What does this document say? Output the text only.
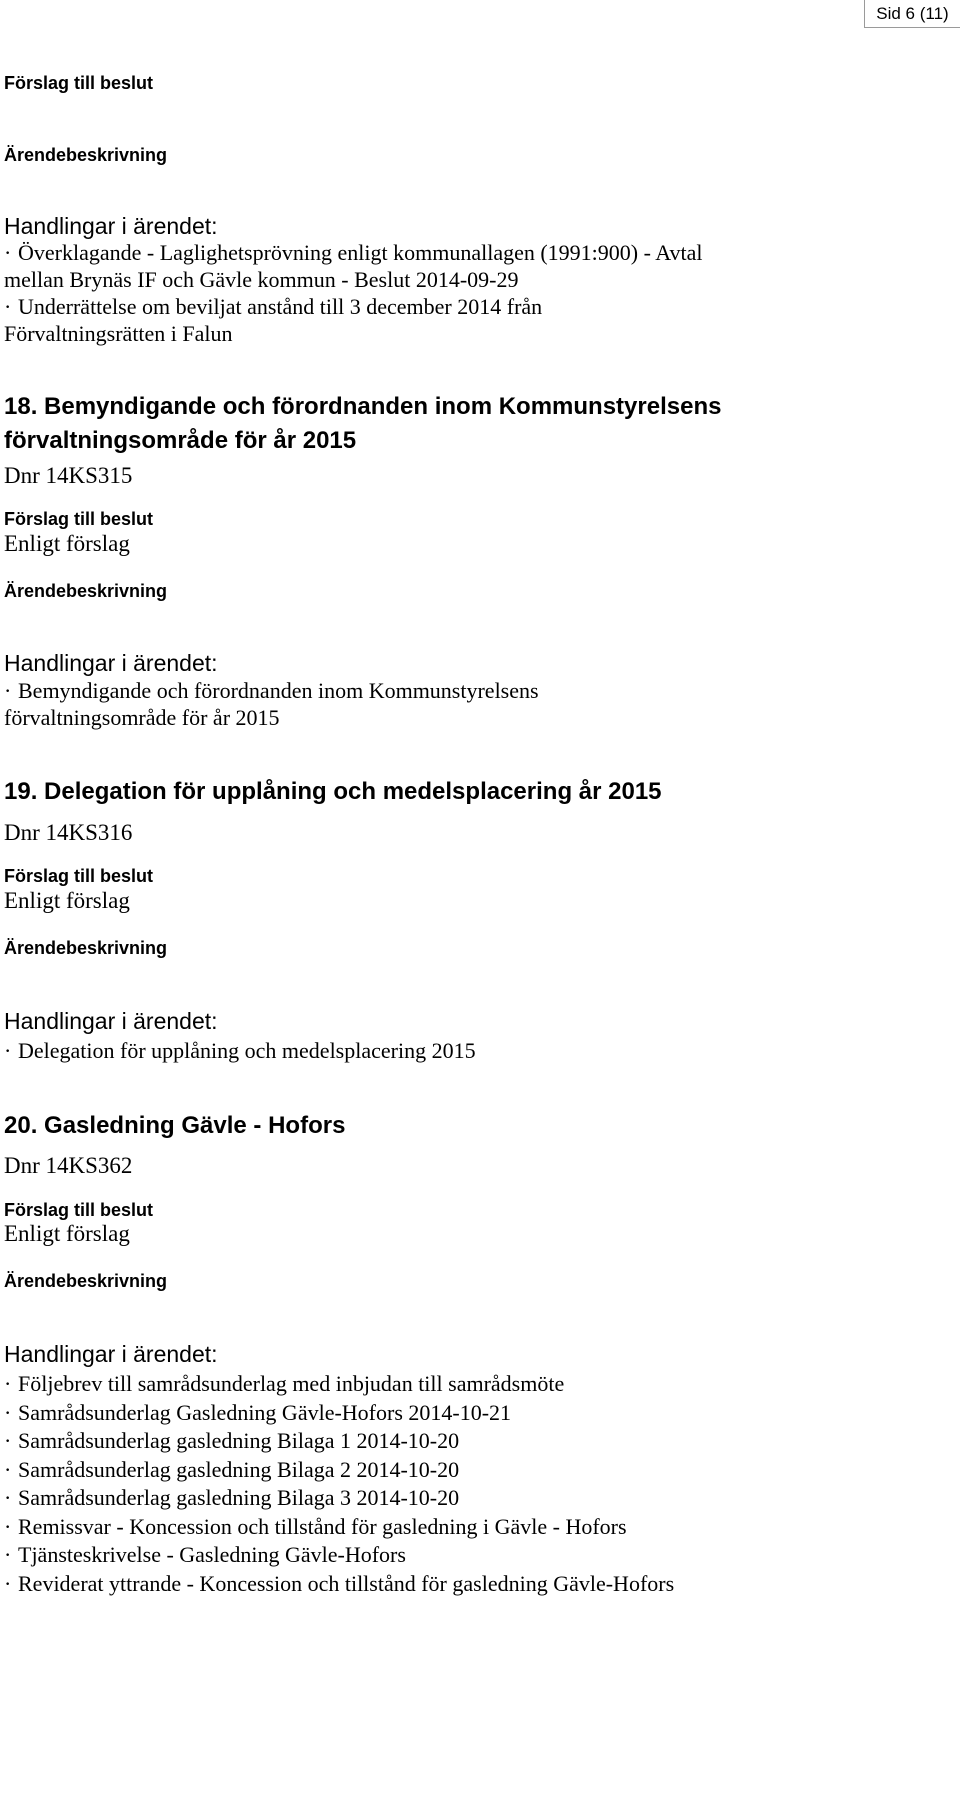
Sid 6 (11)
Förslag till beslut
Ärendebeskrivning
Handlingar i ärendet:
· Överklagande - Laglighetsprövning enligt kommunallagen (1991:900) - Avtal
mellan Brynäs IF och Gävle kommun - Beslut 2014-09-29
· Underrättelse om beviljat anstånd till 3 december 2014 från
Förvaltningsrätten i Falun
18. Bemyndigande och förordnanden inom Kommunstyrelsens
förvaltningsområde för år 2015
Dnr 14KS315
Förslag till beslut
Enligt förslag
Ärendebeskrivning
Handlingar i ärendet:
· Bemyndigande och förordnanden inom Kommunstyrelsens
förvaltningsområde för år 2015
19. Delegation för upplåning och medelsplacering år 2015
Dnr 14KS316
Förslag till beslut
Enligt förslag
Ärendebeskrivning
Handlingar i ärendet:
· Delegation för upplåning och medelsplacering 2015
20. Gasledning Gävle - Hofors
Dnr 14KS362
Förslag till beslut
Enligt förslag
Ärendebeskrivning
Handlingar i ärendet:
· Följebrev till samrådsunderlag med inbjudan till samrådsmöte
· Samrådsunderlag Gasledning Gävle-Hofors 2014-10-21
· Samrådsunderlag gasledning Bilaga 1 2014-10-20
· Samrådsunderlag gasledning Bilaga 2 2014-10-20
· Samrådsunderlag gasledning Bilaga 3 2014-10-20
· Remissvar - Koncession och tillstånd för gasledning i Gävle - Hofors
· Tjänsteskrivelse - Gasledning Gävle-Hofors
· Reviderat yttrande - Koncession och tillstånd för gasledning Gävle-Hofors
